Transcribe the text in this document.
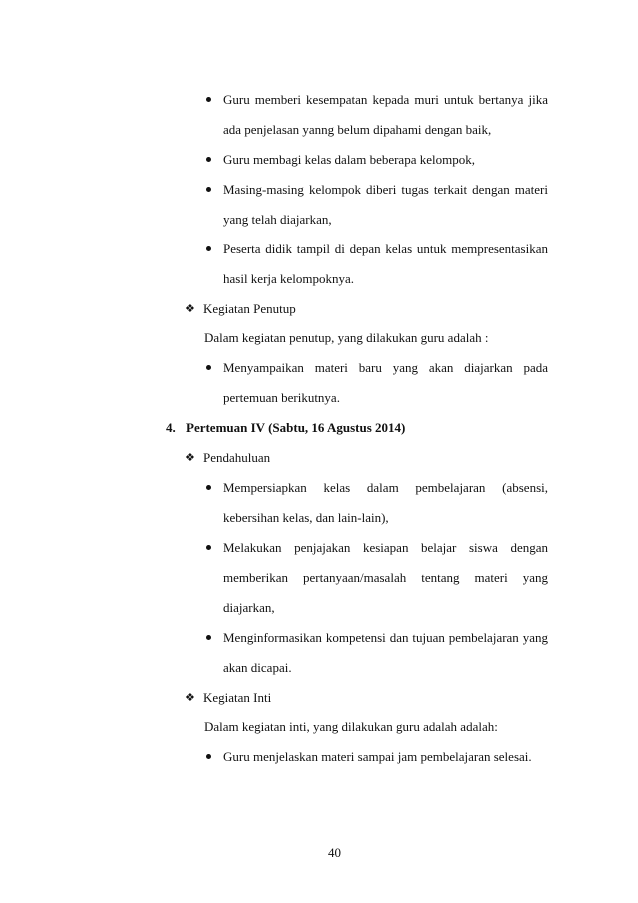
Guru memberi kesempatan kepada muri untuk bertanya jika
ada penjelasan yanng belum dipahami dengan baik,
Guru membagi kelas dalam beberapa kelompok,
Masing-masing kelompok diberi tugas terkait dengan materi
yang telah diajarkan,
Peserta didik tampil di depan kelas untuk mempresentasikan
hasil kerja kelompoknya.
❖ Kegiatan Penutup
Dalam kegiatan penutup, yang dilakukan guru adalah :
Menyampaikan materi baru yang akan diajarkan pada
pertemuan berikutnya.
4. Pertemuan IV (Sabtu, 16 Agustus 2014)
❖ Pendahuluan
Mempersiapkan kelas dalam pembelajaran (absensi,
kebersihan kelas, dan lain-lain),
Melakukan penjajakan kesiapan belajar siswa dengan
memberikan pertanyaan/masalah tentang materi yang
diajarkan,
Menginformasikan kompetensi dan tujuan pembelajaran yang
akan dicapai.
❖ Kegiatan Inti
Dalam kegiatan inti, yang dilakukan guru adalah adalah:
Guru menjelaskan materi sampai jam pembelajaran selesai.
40
